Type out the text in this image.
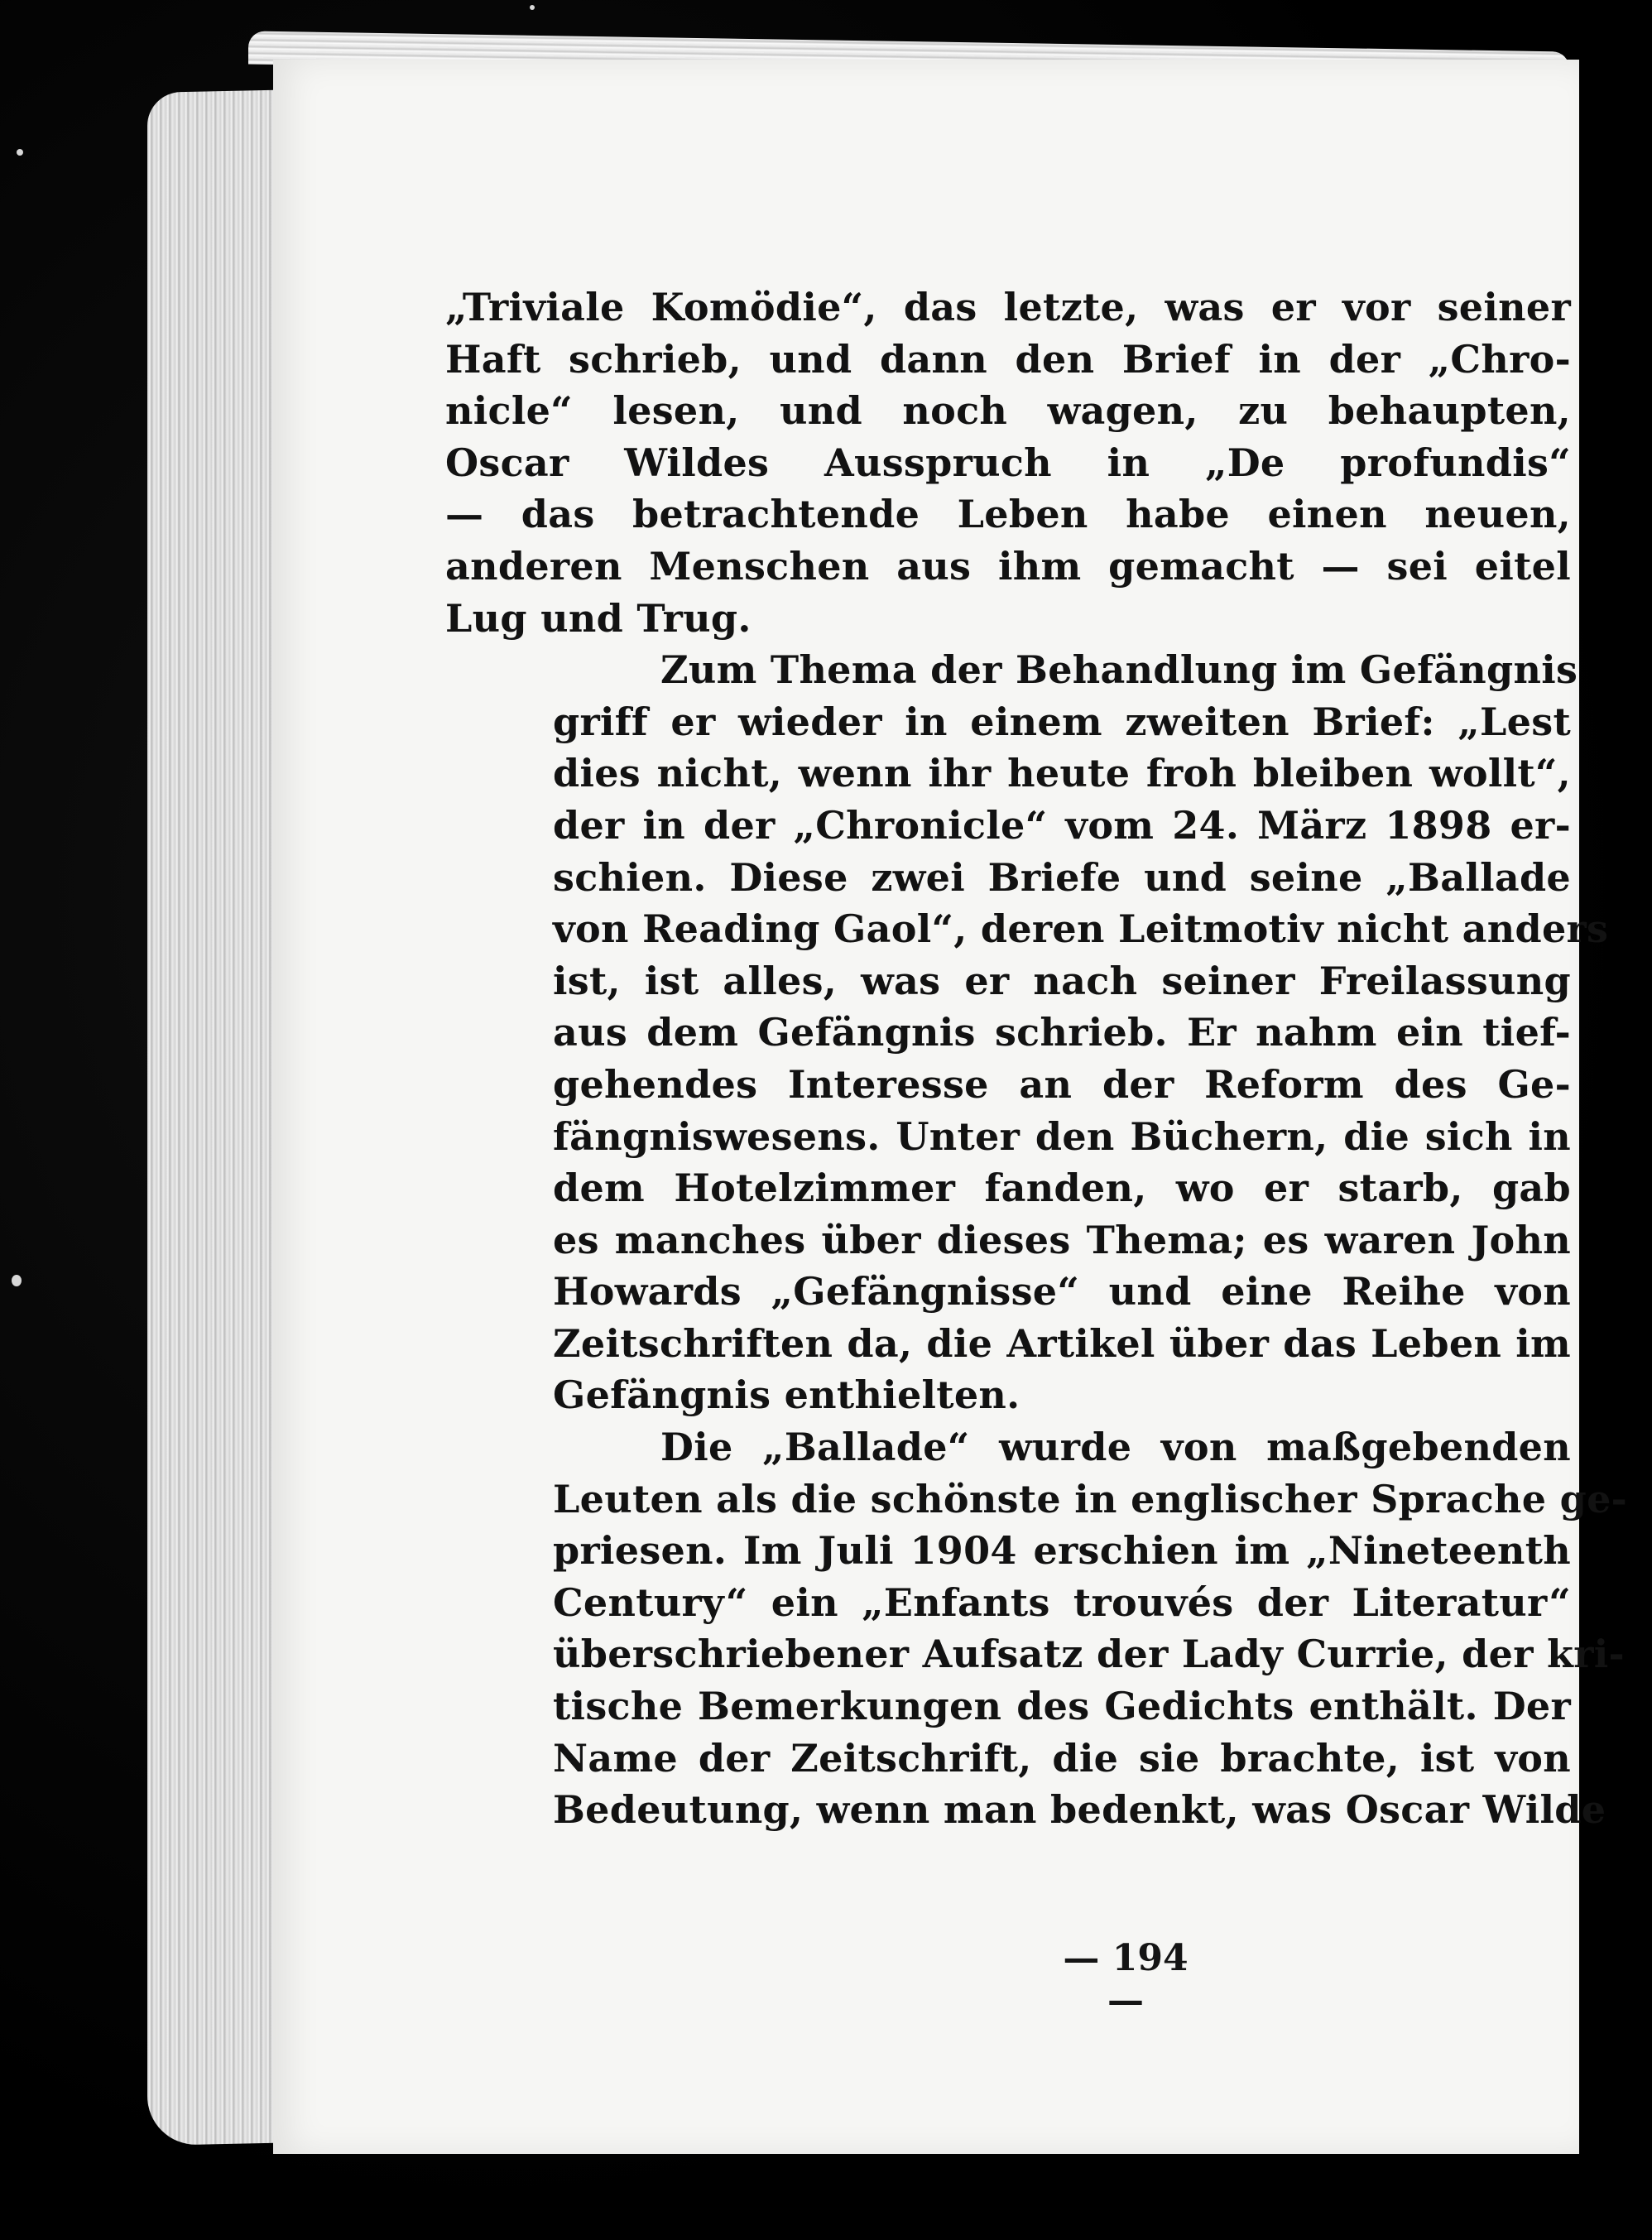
„Triviale Komödie“, das letzte, was er vor seiner
Haft schrieb, und dann den Brief in der „Chro-
nicle“ lesen, und noch wagen, zu behaupten,
Oscar Wildes Ausspruch in „De profundis“
— das betrachtende Leben habe einen neuen,
anderen Menschen aus ihm gemacht — sei eitel
Lug und Trug.
Zum Thema der Behandlung im Gefängnis
griff er wieder in einem zweiten Brief: „Lest
dies nicht, wenn ihr heute froh bleiben wollt“,
der in der „Chronicle“ vom 24. März 1898 er-
schien. Diese zwei Briefe und seine „Ballade
von Reading Gaol“, deren Leitmotiv nicht anders
ist, ist alles, was er nach seiner Freilassung
aus dem Gefängnis schrieb. Er nahm ein tief-
gehendes Interesse an der Reform des Ge-
fängniswesens. Unter den Büchern, die sich in
dem Hotelzimmer fanden, wo er starb, gab
es manches über dieses Thema; es waren John
Howards „Gefängnisse“ und eine Reihe von
Zeitschriften da, die Artikel über das Leben im
Gefängnis enthielten.
Die „Ballade“ wurde von maßgebenden
Leuten als die schönste in englischer Sprache ge-
priesen. Im Juli 1904 erschien im „Nineteenth
Century“ ein „Enfants trouvés der Literatur“
überschriebener Aufsatz der Lady Currie, der kri-
tische Bemerkungen des Gedichts enthält. Der
Name der Zeitschrift, die sie brachte, ist von
Bedeutung, wenn man bedenkt, was Oscar Wilde
— 194 —
